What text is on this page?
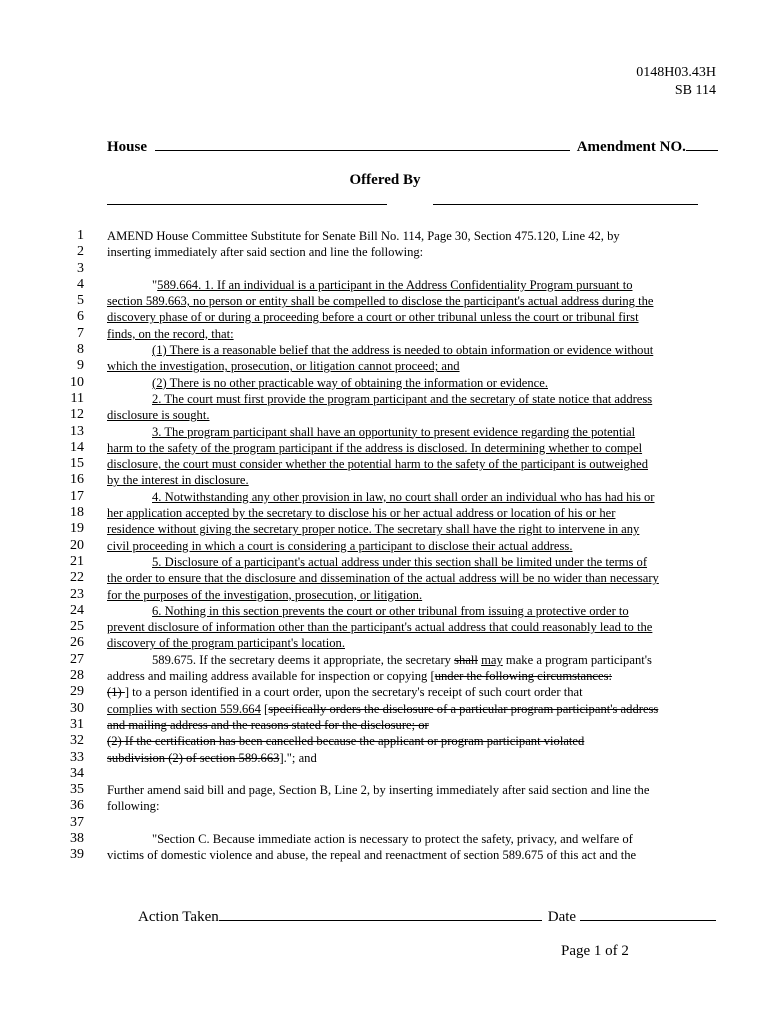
0148H03.43H
SB 114
House	Amendment NO.
Offered By
1 AMEND House Committee Substitute for Senate Bill No. 114, Page 30, Section 475.120, Line 42, by
2 inserting immediately after said section and line the following:
3
4	"589.664. 1. If an individual is a participant in the Address Confidentiality Program pursuant to
5 section 589.663, no person or entity shall be compelled to disclose the participant's actual address during the
6 discovery phase of or during a proceeding before a court or other tribunal unless the court or tribunal first
7 finds, on the record, that:
8	(1) There is a reasonable belief that the address is needed to obtain information or evidence without
9 which the investigation, prosecution, or litigation cannot proceed; and
10	(2) There is no other practicable way of obtaining the information or evidence.
11	2. The court must first provide the program participant and the secretary of state notice that address
12 disclosure is sought.
13	3. The program participant shall have an opportunity to present evidence regarding the potential
14 harm to the safety of the program participant if the address is disclosed. In determining whether to compel
15 disclosure, the court must consider whether the potential harm to the safety of the participant is outweighed
16 by the interest in disclosure.
17	4. Notwithstanding any other provision in law, no court shall order an individual who has had his or
18 her application accepted by the secretary to disclose his or her actual address or location of his or her
19 residence without giving the secretary proper notice. The secretary shall have the right to intervene in any
20 civil proceeding in which a court is considering a participant to disclose their actual address.
21	5. Disclosure of a participant's actual address under this section shall be limited under the terms of
22 the order to ensure that the disclosure and dissemination of the actual address will be no wider than necessary
23 for the purposes of the investigation, prosecution, or litigation.
24	6. Nothing in this section prevents the court or other tribunal from issuing a protective order to
25 prevent disclosure of information other than the participant's actual address that could reasonably lead to the
26 discovery of the program participant's location.
27	589.675. If the secretary deems it appropriate, the secretary shall may make a program participant's
28 address and mailing address available for inspection or copying [under the following circumstances:
29 (1) ] to a person identified in a court order, upon the secretary's receipt of such court order that
30 complies with section 559.664 [specifically orders the disclosure of a particular program participant's address
31 and mailing address and the reasons stated for the disclosure; or
32 (2) If the certification has been cancelled because the applicant or program participant violated
33 subdivision (2) of section 589.663]."; and
34
35 Further amend said bill and page, Section B, Line 2, by inserting immediately after said section and line the
36 following:
37
38	"Section C. Because immediate action is necessary to protect the safety, privacy, and welfare of
39 victims of domestic violence and abuse, the repeal and reenactment of section 589.675 of this act and the
Action Taken	Date
Page 1 of 2
